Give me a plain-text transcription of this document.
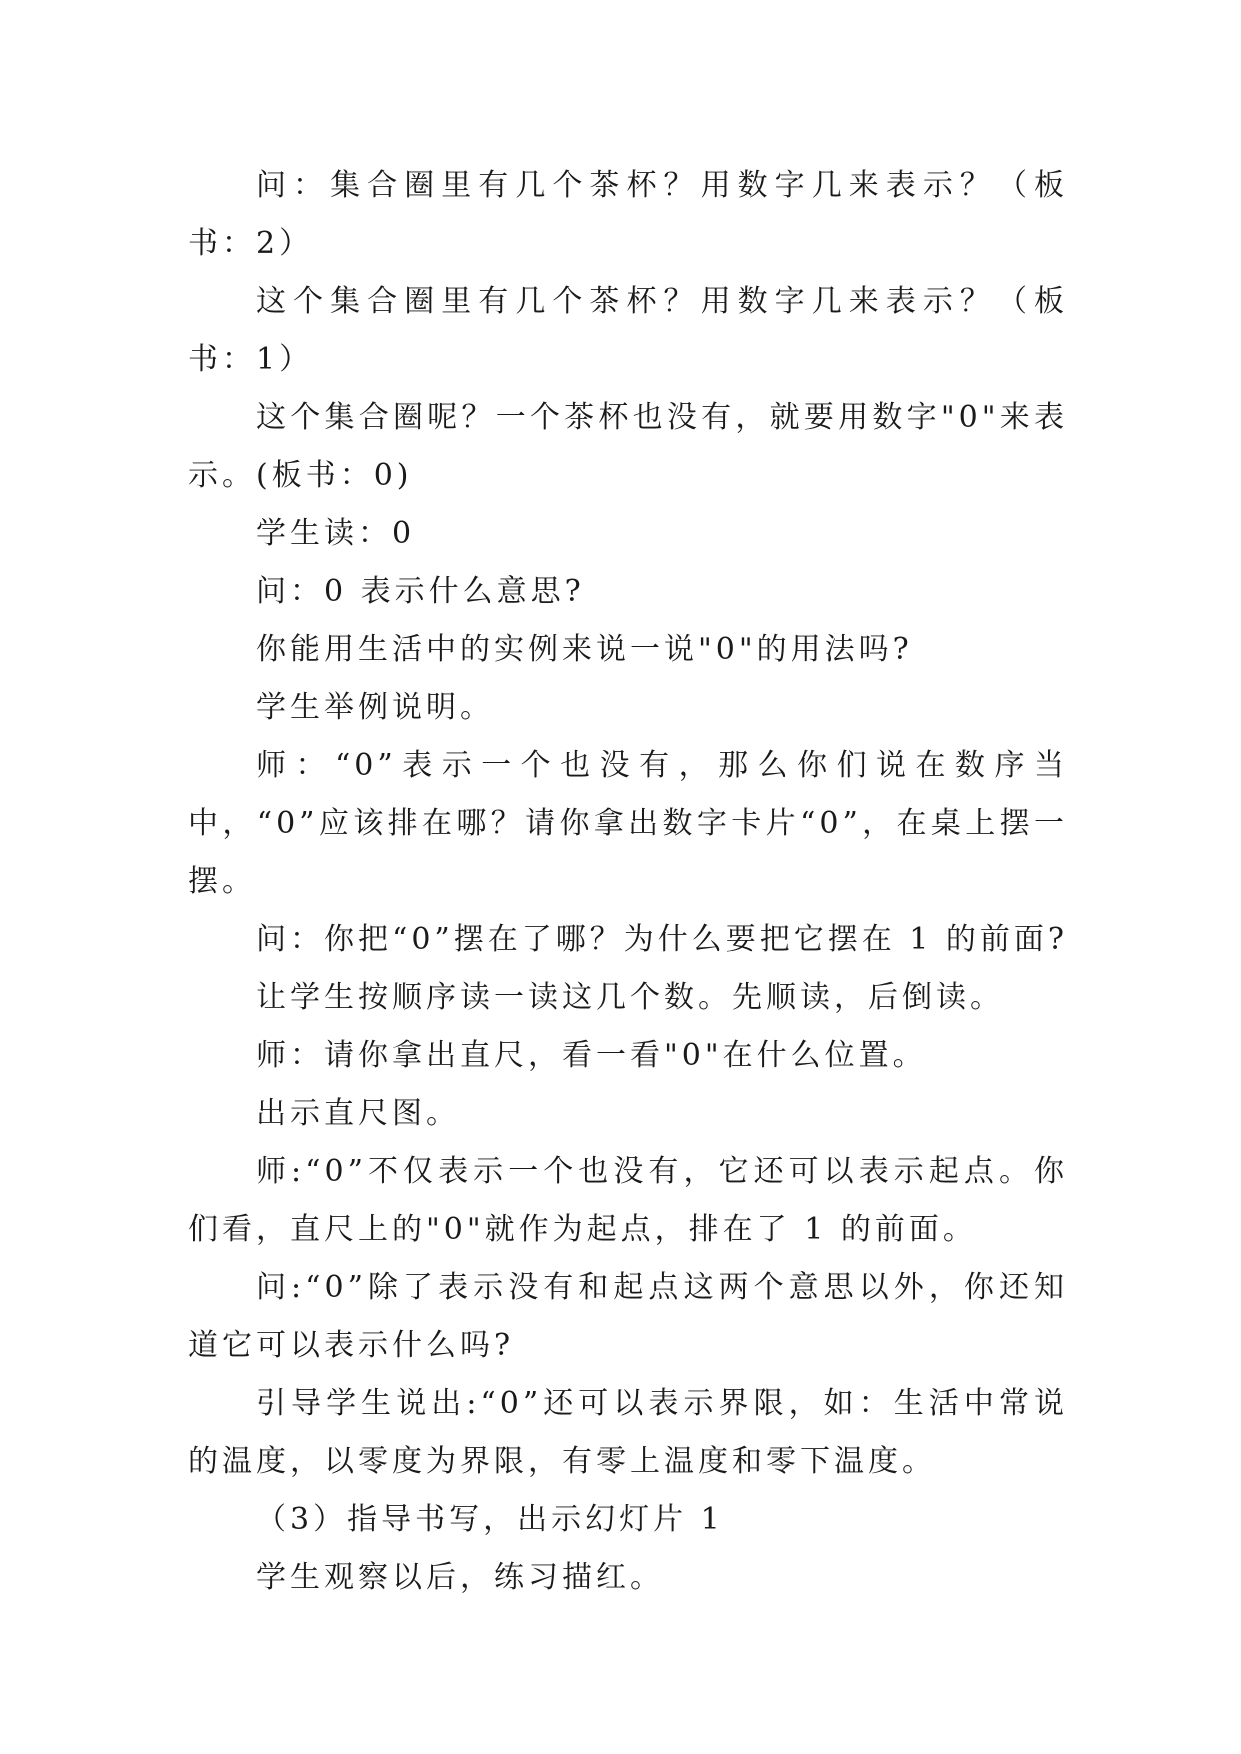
问：集合圈里有几个茶杯？用数字几来表示？（板书：2）

这个集合圈里有几个茶杯？用数字几来表示？（板书：1）

这个集合圈呢？一个茶杯也没有，就要用数字"0"来表示。(板书：0)

学生读：0

问：0 表示什么意思?

你能用生活中的实例来说一说"0"的用法吗?

学生举例说明。

师：“0”表示一个也没有，那么你们说在数序当中，“0”应该排在哪？请你拿出数字卡片“0”，在桌上摆一摆。

问：你把“0”摆在了哪？为什么要把它摆在 1 的前面?

让学生按顺序读一读这几个数。先顺读，后倒读。

师：请你拿出直尺，看一看"0"在什么位置。

出示直尺图。

师:“0”不仅表示一个也没有，它还可以表示起点。你们看，直尺上的"0"就作为起点，排在了 1 的前面。

问:“0”除了表示没有和起点这两个意思以外，你还知道它可以表示什么吗?

引导学生说出:“0”还可以表示界限，如：生活中常说的温度，以零度为界限，有零上温度和零下温度。

（3）指导书写，出示幻灯片 1

学生观察以后，练习描红。
